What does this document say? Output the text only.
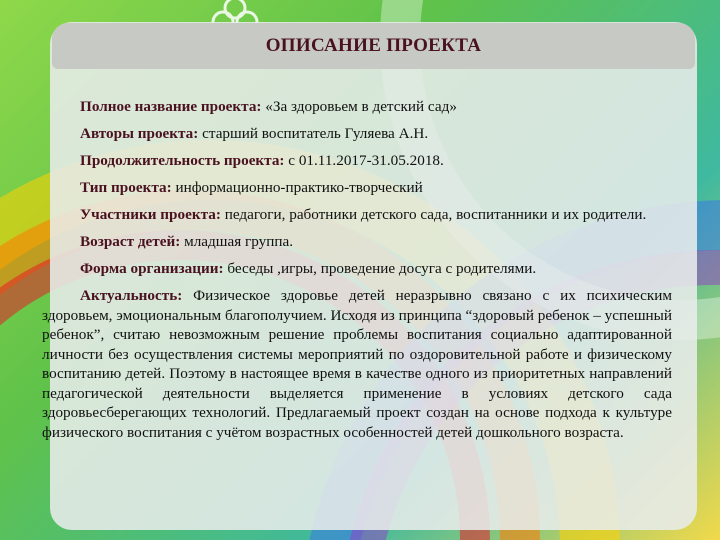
ОПИСАНИЕ ПРОЕКТА

Полное название проекта: «За здоровьем в детский сад»

Авторы проекта: старший воспитатель Гуляева А.Н.

Продолжительность проекта: с 01.11.2017-31.05.2018.

Тип проекта: информационно-практико-творческий

Участники проекта: педагоги, работники детского сада, воспитанники и их родители.

Возраст детей: младшая группа.

Форма организации: беседы ,игры, проведение досуга с родителями.

Актуальность: Физическое здоровье детей неразрывно связано с их психическим здоровьем, эмоциональным благополучием. Исходя из принципа “здоровый ребенок – успешный ребенок”, считаю невозможным решение проблемы воспитания социально адаптированной личности без осуществления системы мероприятий по оздоровительной работе и физическому воспитанию детей. Поэтому в настоящее время в качестве одного из приоритетных направлений педагогической деятельности выделяется применение в условиях детского сада здоровьесберегающих технологий. Предлагаемый проект создан на основе подхода к культуре физического воспитания с учётом возрастных особенностей детей дошкольного возраста.
